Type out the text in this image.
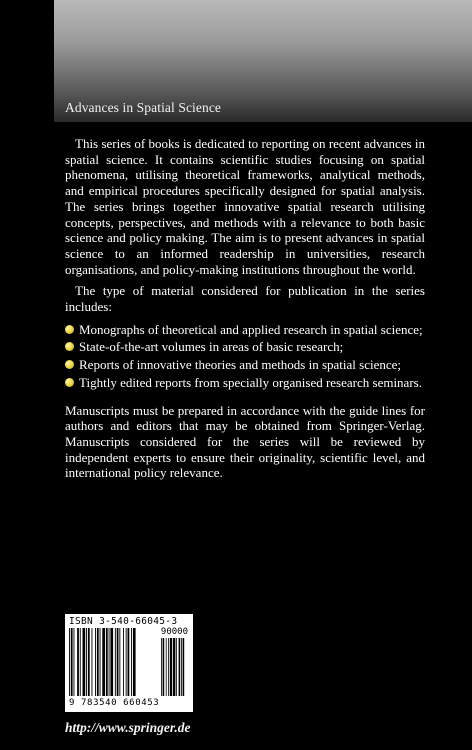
Advances in Spatial Science

This series of books is dedicated to reporting on recent advances in spatial science. It contains scientific studies focusing on spatial phenomena, utilising theoretical frameworks, analytical methods, and empirical procedures specifically designed for spatial analysis. The series brings together innovative spatial research utilising concepts, perspectives, and methods with a relevance to both basic science and policy making. The aim is to present advances in spatial science to an informed readership in universities, research organisations, and policy-making institutions throughout the world.

The type of material considered for publication in the series includes:

Monographs of theoretical and applied research in spatial science;
State-of-the-art volumes in areas of basic research;
Reports of innovative theories and methods in spatial science;
Tightly edited reports from specially organised research seminars.

Manuscripts must be prepared in accordance with the guide lines for authors and editors that may be obtained from Springer-Verlag. Manuscripts considered for the series will be reviewed by independent experts to ensure their originality, scientific level, and international policy relevance.

ISBN 3-540-66045-3
90000
9 783540 660453
http://www.springer.de
